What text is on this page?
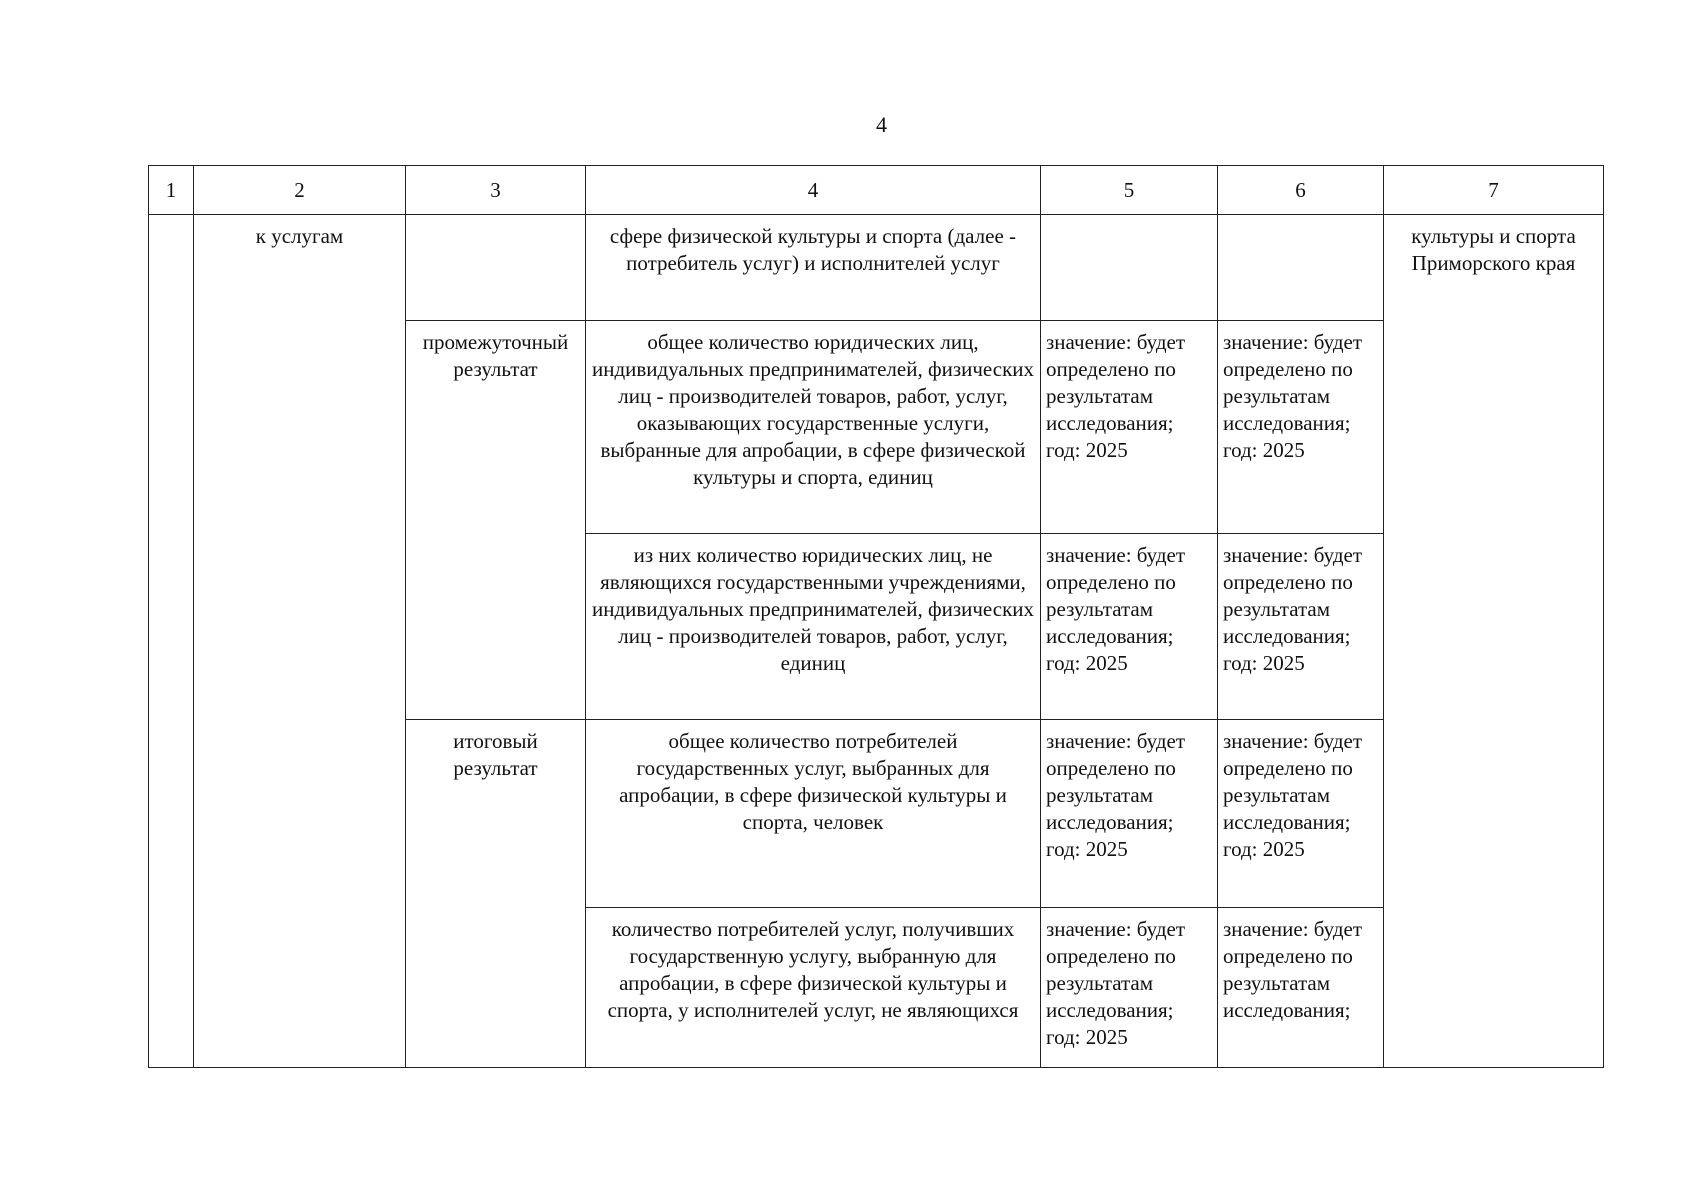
4
1	2	3	4	5	6	7
	к услугам		сфере физической культуры и спорта (далее - потребитель услуг) и исполнителей услуг			культуры и спорта Приморского края
		промежуточный результат	общее количество юридических лиц, индивидуальных предпринимателей, физических лиц - производителей товаров, работ, услуг, оказывающих государственные услуги, выбранные для апробации, в сфере физической культуры и спорта, единиц	значение: будет определено по результатам исследования; год: 2025	значение: будет определено по результатам исследования; год: 2025	
			из них количество юридических лиц, не являющихся государственными учреждениями, индивидуальных предпринимателей, физических лиц - производителей товаров, работ, услуг, единиц	значение: будет определено по результатам исследования; год: 2025	значение: будет определено по результатам исследования; год: 2025	
		итоговый результат	общее количество потребителей государственных услуг, выбранных для апробации, в сфере физической культуры и спорта, человек	значение: будет определено по результатам исследования; год: 2025	значение: будет определено по результатам исследования; год: 2025	
			количество потребителей услуг, получивших государственную услугу, выбранную для апробации, в сфере физической культуры и спорта, у исполнителей услуг, не являющихся	значение: будет определено по результатам исследования; год: 2025	значение: будет определено по результатам исследования;	
